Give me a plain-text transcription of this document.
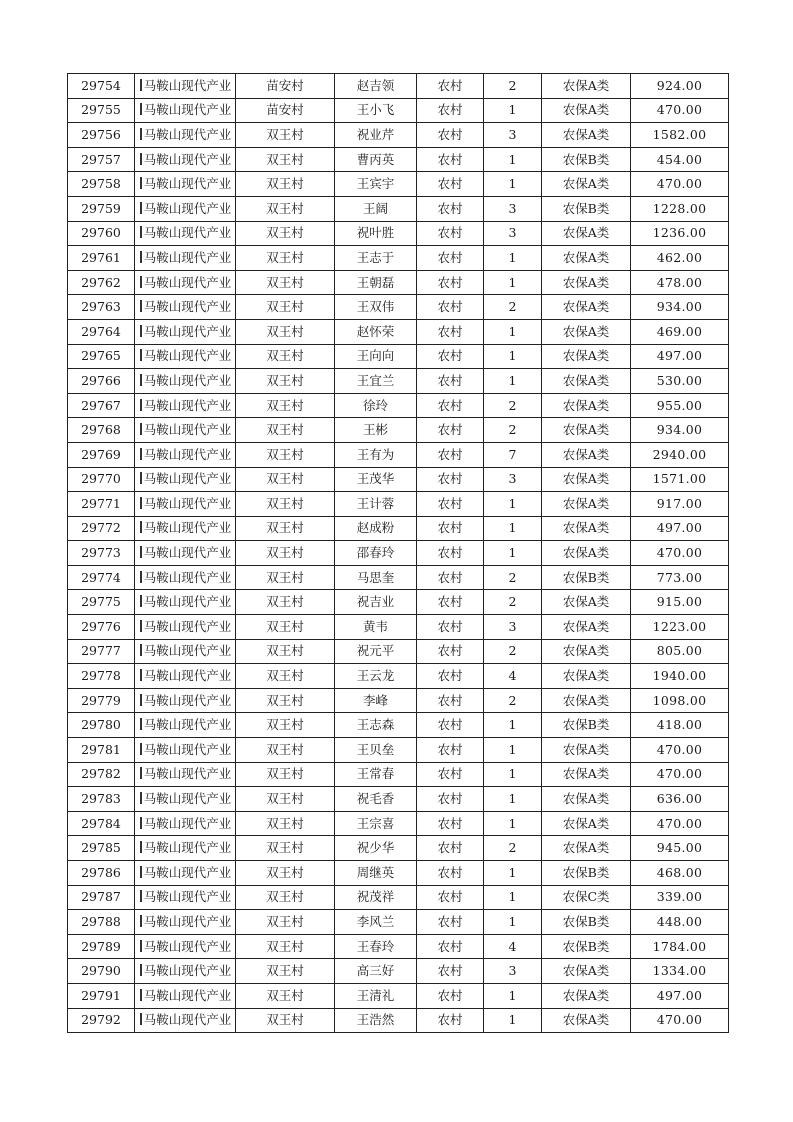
29754	马鞍山现代产业	苗安村	赵吉领	农村	2	农保A类	924.00
29755	马鞍山现代产业	苗安村	王小飞	农村	1	农保A类	470.00
29756	马鞍山现代产业	双王村	祝业芹	农村	3	农保A类	1582.00
29757	马鞍山现代产业	双王村	曹丙英	农村	1	农保B类	454.00
29758	马鞍山现代产业	双王村	王宾宇	农村	1	农保A类	470.00
29759	马鞍山现代产业	双王村	王阔	农村	3	农保B类	1228.00
29760	马鞍山现代产业	双王村	祝叶胜	农村	3	农保A类	1236.00
29761	马鞍山现代产业	双王村	王志于	农村	1	农保A类	462.00
29762	马鞍山现代产业	双王村	王朝磊	农村	1	农保A类	478.00
29763	马鞍山现代产业	双王村	王双伟	农村	2	农保A类	934.00
29764	马鞍山现代产业	双王村	赵怀荣	农村	1	农保A类	469.00
29765	马鞍山现代产业	双王村	王向向	农村	1	农保A类	497.00
29766	马鞍山现代产业	双王村	王宜兰	农村	1	农保A类	530.00
29767	马鞍山现代产业	双王村	徐玲	农村	2	农保A类	955.00
29768	马鞍山现代产业	双王村	王彬	农村	2	农保A类	934.00
29769	马鞍山现代产业	双王村	王有为	农村	7	农保A类	2940.00
29770	马鞍山现代产业	双王村	王茂华	农村	3	农保A类	1571.00
29771	马鞍山现代产业	双王村	王计蓉	农村	1	农保A类	917.00
29772	马鞍山现代产业	双王村	赵成粉	农村	1	农保A类	497.00
29773	马鞍山现代产业	双王村	邵春玲	农村	1	农保A类	470.00
29774	马鞍山现代产业	双王村	马思奎	农村	2	农保B类	773.00
29775	马鞍山现代产业	双王村	祝吉业	农村	2	农保A类	915.00
29776	马鞍山现代产业	双王村	黄韦	农村	3	农保A类	1223.00
29777	马鞍山现代产业	双王村	祝元平	农村	2	农保A类	805.00
29778	马鞍山现代产业	双王村	王云龙	农村	4	农保A类	1940.00
29779	马鞍山现代产业	双王村	李峰	农村	2	农保A类	1098.00
29780	马鞍山现代产业	双王村	王志森	农村	1	农保B类	418.00
29781	马鞍山现代产业	双王村	王贝垒	农村	1	农保A类	470.00
29782	马鞍山现代产业	双王村	王常春	农村	1	农保A类	470.00
29783	马鞍山现代产业	双王村	祝毛香	农村	1	农保A类	636.00
29784	马鞍山现代产业	双王村	王宗喜	农村	1	农保A类	470.00
29785	马鞍山现代产业	双王村	祝少华	农村	2	农保A类	945.00
29786	马鞍山现代产业	双王村	周继英	农村	1	农保B类	468.00
29787	马鞍山现代产业	双王村	祝茂祥	农村	1	农保C类	339.00
29788	马鞍山现代产业	双王村	李风兰	农村	1	农保B类	448.00
29789	马鞍山现代产业	双王村	王春玲	农村	4	农保B类	1784.00
29790	马鞍山现代产业	双王村	高三好	农村	3	农保A类	1334.00
29791	马鞍山现代产业	双王村	王清礼	农村	1	农保A类	497.00
29792	马鞍山现代产业	双王村	王浩然	农村	1	农保A类	470.00
